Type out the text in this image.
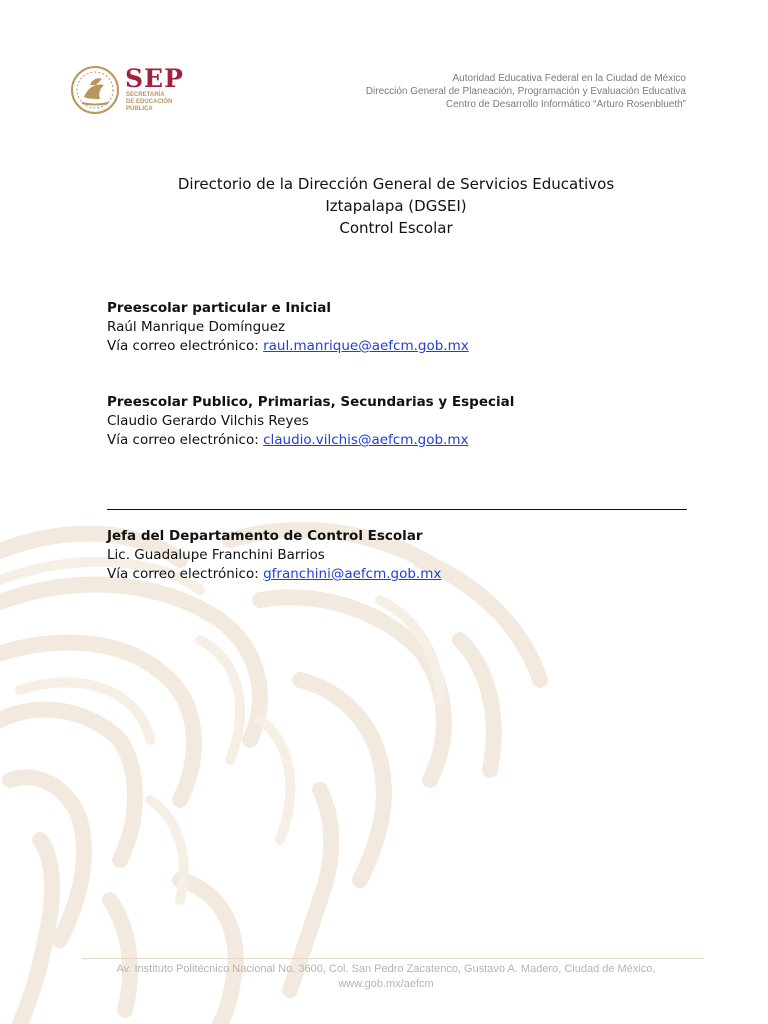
SEP
SECRETARÍA
DE EDUCACIÓN
PÚBLICA
Autoridad Educativa Federal en la Ciudad de México
Dirección General de Planeación, Programación y Evaluación Educativa
Centro de Desarrollo Informático “Arturo Rosenblueth”
Directorio de la Dirección General de Servicios Educativos
Iztapalapa (DGSEI)
Control Escolar
Preescolar particular e Inicial
Raúl Manrique Domínguez
Vía correo electrónico: raul.manrique@aefcm.gob.mx
Preescolar Publico, Primarias, Secundarias y Especial
Claudio Gerardo Vilchis Reyes
Vía correo electrónico: claudio.vilchis@aefcm.gob.mx
Jefa del Departamento de Control Escolar
Lic. Guadalupe Franchini Barrios
Vía correo electrónico: gfranchini@aefcm.gob.mx
Av. Instituto Politécnico Nacional No. 3600, Col. San Pedro Zacatenco, Gustavo A. Madero, Ciudad de México,
www.gob.mx/aefcm
